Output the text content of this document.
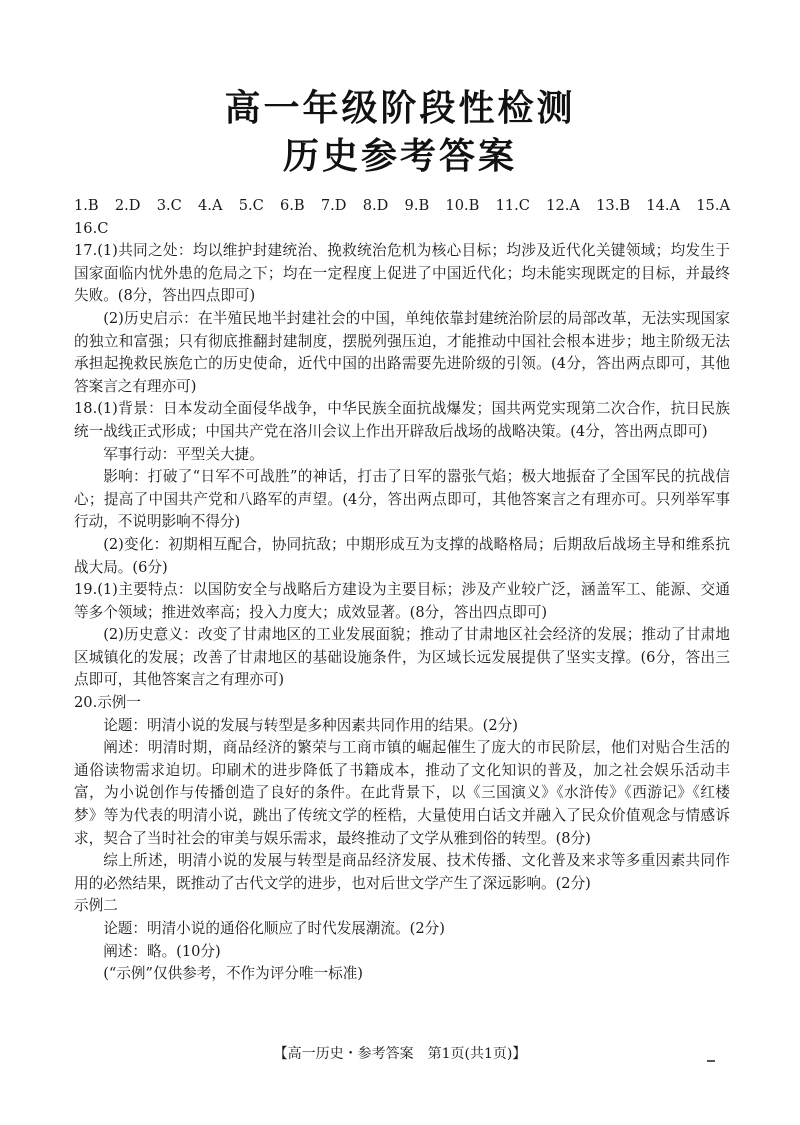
高一年级阶段性检测
历史参考答案

1.B　2.D　3.C　4.A　5.C　6.B　7.D　8.D　9.B　10.B　11.C　12.A　13.B　14.A　15.A　16.C

17.(1)共同之处：均以维护封建统治、挽救统治危机为核心目标；均涉及近代化关键领域；均发生于国家面临内忧外患的危局之下；均在一定程度上促进了中国近代化；均未能实现既定的目标，并最终失败。(8分，答出四点即可)

(2)历史启示：在半殖民地半封建社会的中国，单纯依靠封建统治阶层的局部改革，无法实现国家的独立和富强；只有彻底推翻封建制度，摆脱列强压迫，才能推动中国社会根本进步；地主阶级无法承担起挽救民族危亡的历史使命，近代中国的出路需要先进阶级的引领。(4分，答出两点即可，其他答案言之有理亦可)

18.(1)背景：日本发动全面侵华战争，中华民族全面抗战爆发；国共两党实现第二次合作，抗日民族统一战线正式形成；中国共产党在洛川会议上作出开辟敌后战场的战略决策。(4分，答出两点即可)

军事行动：平型关大捷。

影响：打破了“日军不可战胜”的神话，打击了日军的嚣张气焰；极大地振奋了全国军民的抗战信心；提高了中国共产党和八路军的声望。(4分，答出两点即可，其他答案言之有理亦可。只列举军事行动，不说明影响不得分)

(2)变化：初期相互配合，协同抗敌；中期形成互为支撑的战略格局；后期敌后战场主导和维系抗战大局。(6分)

19.(1)主要特点：以国防安全与战略后方建设为主要目标；涉及产业较广泛，涵盖军工、能源、交通等多个领域；推进效率高；投入力度大；成效显著。(8分，答出四点即可)

(2)历史意义：改变了甘肃地区的工业发展面貌；推动了甘肃地区社会经济的发展；推动了甘肃地区城镇化的发展；改善了甘肃地区的基础设施条件，为区域长远发展提供了坚实支撑。(6分，答出三点即可，其他答案言之有理亦可)

20.示例一

论题：明清小说的发展与转型是多种因素共同作用的结果。(2分)

阐述：明清时期，商品经济的繁荣与工商市镇的崛起催生了庞大的市民阶层，他们对贴合生活的通俗读物需求迫切。印刷术的进步降低了书籍成本，推动了文化知识的普及，加之社会娱乐活动丰富，为小说创作与传播创造了良好的条件。在此背景下，以《三国演义》《水浒传》《西游记》《红楼梦》等为代表的明清小说，跳出了传统文学的桎梏，大量使用白话文并融入了民众价值观念与情感诉求，契合了当时社会的审美与娱乐需求，最终推动了文学从雅到俗的转型。(8分)

综上所述，明清小说的发展与转型是商品经济发展、技术传播、文化普及来求等多重因素共同作用的必然结果，既推动了古代文学的进步，也对后世文学产生了深远影响。(2分)

示例二

论题：明清小说的通俗化顺应了时代发展潮流。(2分)

阐述：略。(10分)

(“示例”仅供参考，不作为评分唯一标准)

【高一历史・参考答案　第1页(共1页)】
